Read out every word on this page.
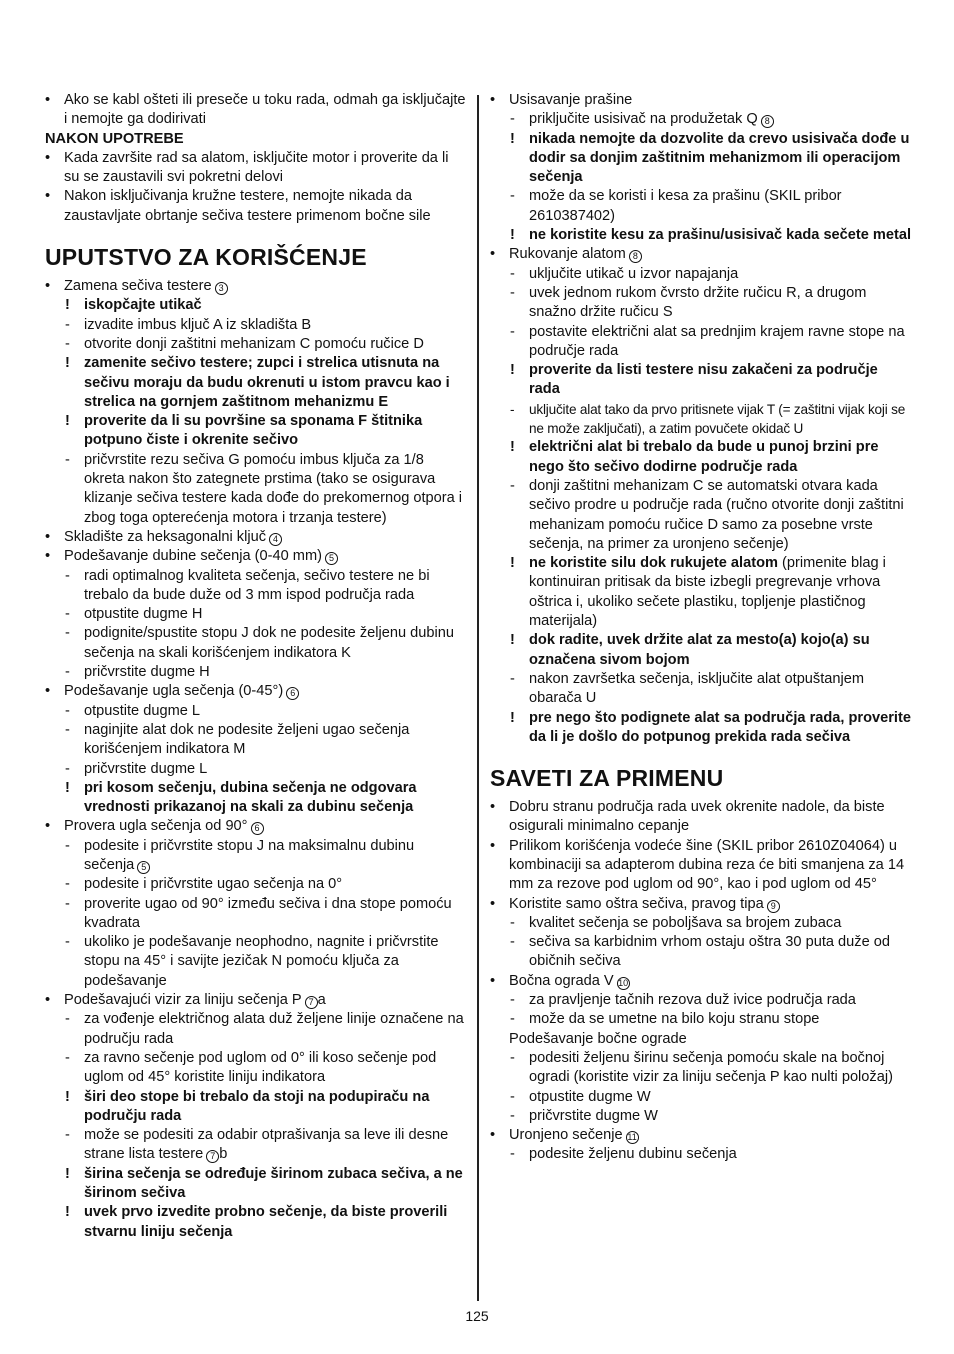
• Ako se kabl ošteti ili preseče u toku rada, odmah ga isključajte i nemojte ga dodirivati
NAKON UPOTREBE
• Kada završite rad sa alatom, isključite motor i proverite da li su se zaustavili svi pokretni delovi
• Nakon isključivanja kružne testere, nemojte nikada da zaustavljate obrtanje sečiva testere primenom bočne sile
UPUTSTVO ZA KORIŠĆENJE
• Zamena sečiva testere 3
! iskopčajte utikač
- izvadite imbus ključ A iz skladišta B
- otvorite donji zaštitni mehanizam C pomoću ručice D
! zamenite sečivo testere; zupci i strelica utisnuta na sečivu moraju da budu okrenuti u istom pravcu kao i strelica na gornjem zaštitnom mehanizmu E
! proverite da li su površine sa sponama F štitnika potpuno čiste i okrenite sečivo
- pričvrstite rezu sečiva G pomoću imbus ključa za 1/8 okreta nakon što zategnete prstima (tako se osigurava klizanje sečiva testere kada dođe do prekomernog otpora i zbog toga opterećenja motora i trzanja testere)
• Skladište za heksagonalni ključ 4
• Podešavanje dubine sečenja (0-40 mm) 5
- radi optimalnog kvaliteta sečenja, sečivo testere ne bi trebalo da bude duže od 3 mm ispod područja rada
- otpustite dugme H
- podignite/spustite stopu J dok ne podesite željenu dubinu sečenja na skali korišćenjem indikatora K
- pričvrstite dugme H
• Podešavanje ugla sečenja (0-45°) 6
- otpustite dugme L
- naginjite alat dok ne podesite željeni ugao sečenja korišćenjem indikatora M
- pričvrstite dugme L
! pri kosom sečenju, dubina sečenja ne odgovara vrednosti prikazanoj na skali za dubinu sečenja
• Provera ugla sečenja od 90° 6
- podesite i pričvrstite stopu J na maksimalnu dubinu sečenja 5
- podesite i pričvrstite ugao sečenja na 0°
- proverite ugao od 90° između sečiva i dna stope pomoću kvadrata
- ukoliko je podešavanje neophodno, nagnite i pričvrstite stopu na 45° i savijte jezičak N pomoću ključa za podešavanje
• Podešavajući vizir za liniju sečenja P 7 a
- za vođenje električnog alata duž željene linije označene na području rada
- za ravno sečenje pod uglom od 0° ili koso sečenje pod uglom od 45° koristite liniju indikatora
! širi deo stope bi trebalo da stoji na podupiraču na području rada
- može se podesiti za odabir otprašivanja sa leve ili desne strane lista testere 7 b
! širina sečenja se određuje širinom zubaca sečiva, a ne širinom sečiva
! uvek prvo izvedite probno sečenje, da biste proverili stvarnu liniju sečenja
• Usisavanje prašine
- priključite usisivač na produžetak Q 8
! nikada nemojte da dozvolite da crevo usisivača dođe u dodir sa donjim zaštitnim mehanizmom ili operacijom sečenja
- može da se koristi i kesa za prašinu (SKIL pribor 2610387402)
! ne koristite kesu za prašinu/usisivač kada sečete metal
• Rukovanje alatom 8
- uključite utikač u izvor napajanja
- uvek jednom rukom čvrsto držite ručicu R, a drugom snažno držite ručicu S
- postavite električni alat sa prednjim krajem ravne stope na područje rada
! proverite da listi testere nisu zakačeni za područje rada
- uključite alat tako da prvo pritisnete vijak T (= zaštitni vijak koji se ne može zaključati), a zatim povučete okidač U
! električni alat bi trebalo da bude u punoj brzini pre nego što sečivo dodirne područje rada
- donji zaštitni mehanizam C se automatski otvara kada sečivo prodre u područje rada (ručno otvorite donji zaštitni mehanizam pomoću ručice D samo za posebne vrste sečenja, na primer za uronjeno sečenje)
! ne koristite silu dok rukujete alatom (primenite blag i kontinuiran pritisak da biste izbegli pregrevanje vrhova oštrica i, ukoliko sečete plastiku, topljenje plastičnog materijala)
! dok radite, uvek držite alat za mesto(a) kojo(a) su označena sivom bojom
- nakon završetka sečenja, isključite alat otpuštanjem obarača U
! pre nego što podignete alat sa područja rada, proverite da li je došlo do potpunog prekida rada sečiva
SAVETI ZA PRIMENU
• Dobru stranu područja rada uvek okrenite nadole, da biste osigurali minimalno cepanje
• Prilikom korišćenja vodeće šine (SKIL pribor 2610Z04064) u kombinaciji sa adapterom dubina reza će biti smanjena za 14 mm za rezove pod uglom od 90°, kao i pod uglom od 45°
• Koristite samo oštra sečiva, pravog tipa 9
- kvalitet sečenja se poboljšava sa brojem zubaca
- sečiva sa karbidnim vrhom ostaju oštra 30 puta duže od običnih sečiva
• Bočna ograda V 10
- za pravljenje tačnih rezova duž ivice područja rada
- može da se umetne na bilo koju stranu stope
Podešavanje bočne ograde
- podesiti željenu širinu sečenja pomoću skale na bočnoj ogradi (koristite vizir za liniju sečenja P kao nulti položaj)
- otpustite dugme W
- pričvrstite dugme W
• Uronjeno sečenje 11
- podesite željenu dubinu sečenja
125
